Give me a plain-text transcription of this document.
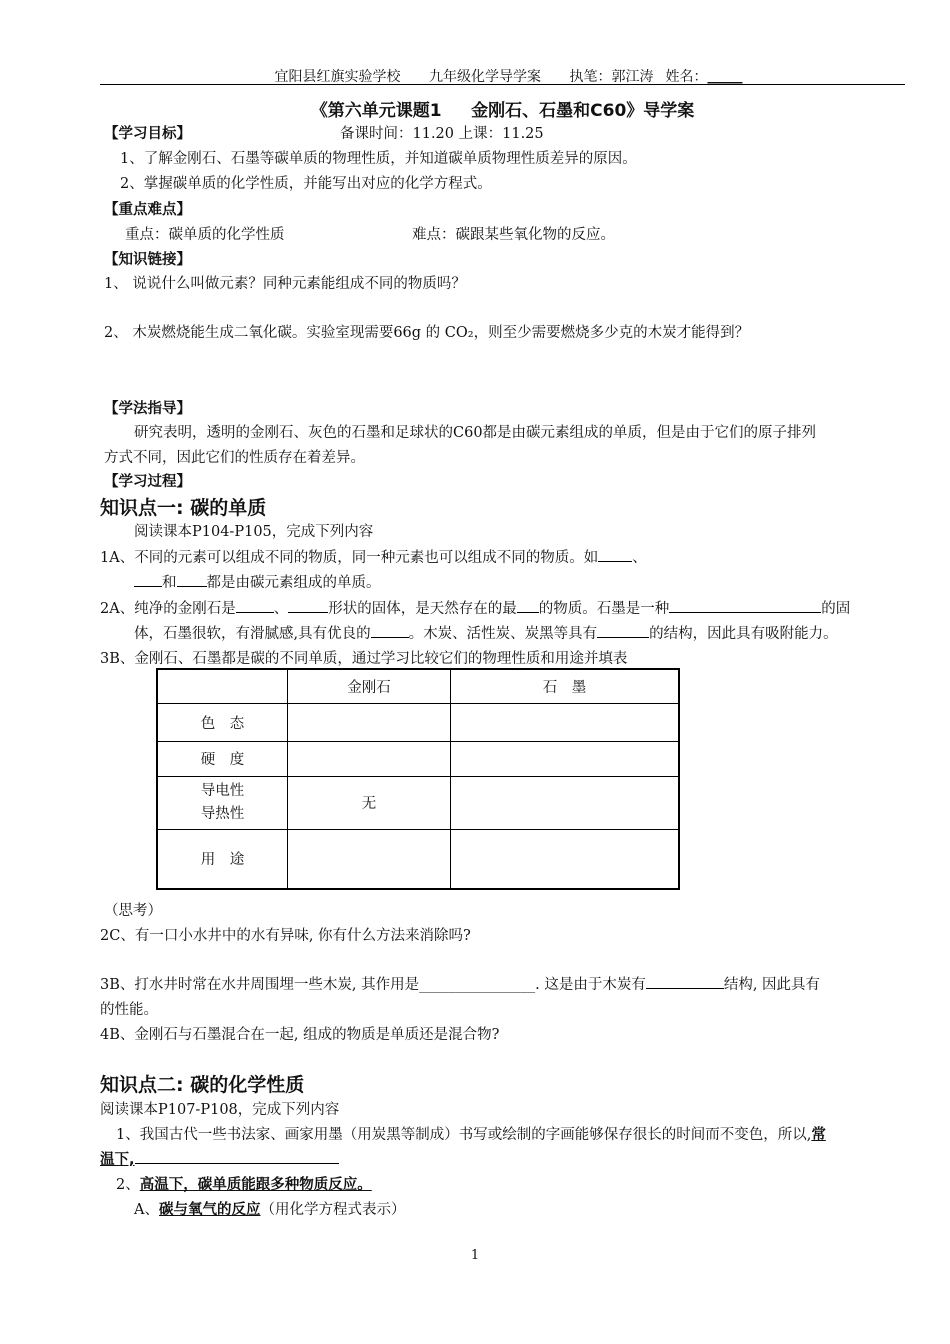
宜阳县红旗实验学校 九年级化学导学案 执笔：郭江涛 姓名：_____
《第六单元课题1     金刚石、石墨和C60》导学案
【学习目标】	备课时间：11.20 上课：11.25
1、了解金刚石、石墨等碳单质的物理性质，并知道碳单质物理性质差异的原因。
2、掌握碳单质的化学性质，并能写出对应的化学方程式。
【重点难点】
重点：碳单质的化学性质	难点：碳跟某些氧化物的反应。
【知识链接】
1、 说说什么叫做元素？同种元素能组成不同的物质吗？
2、 木炭燃烧能生成二氧化碳。实验室现需要66g 的 CO₂，则至少需要燃烧多少克的木炭才能得到？
【学法指导】
研究表明，透明的金刚石、灰色的石墨和足球状的C60都是由碳元素组成的单质，但是由于它们的原子排列
方式不同，因此它们的性质存在着差异。
【学习过程】
知识点一: 碳的单质
阅读课本P104-P105，完成下列内容
1A、不同的元素可以组成不同的物质，同一种元素也可以组成不同的物质。如 、
和 都是由碳元素组成的单质。
2A、纯净的金刚石是	、	形状的固体，是天然存在的最 的物质。石墨是一种	的固
体，石墨很软，有滑腻感,具有优良的	。木炭、活性炭、炭黑等具有	的结构，因此具有吸附能力。
3B、金刚石、石墨都是碳的不同单质，通过学习比较它们的物理性质和用途并填表
	金刚石	石　墨
色　态		
硬　度		

导电性
导热性	无	
用　途		
（思考）
2C、有一口小水井中的水有异味, 你有什么方法来消除吗?
3B、打水井时常在水井周围埋一些木炭, 其作用是________________. 这是由于木炭有	结构, 因此具有
的性能。
4B、金刚石与石墨混合在一起, 组成的物质是单质还是混合物?
知识点二: 碳的化学性质
阅读课本P107-P108，完成下列内容
1、我国古代一些书法家、画家用墨（用炭黑等制成）书写或绘制的字画能够保存很长的时间而不变色，所以,常
温下,
2、高温下，碳单质能跟多种物质反应。
A、碳与氧气的反应（用化学方程式表示）
1
